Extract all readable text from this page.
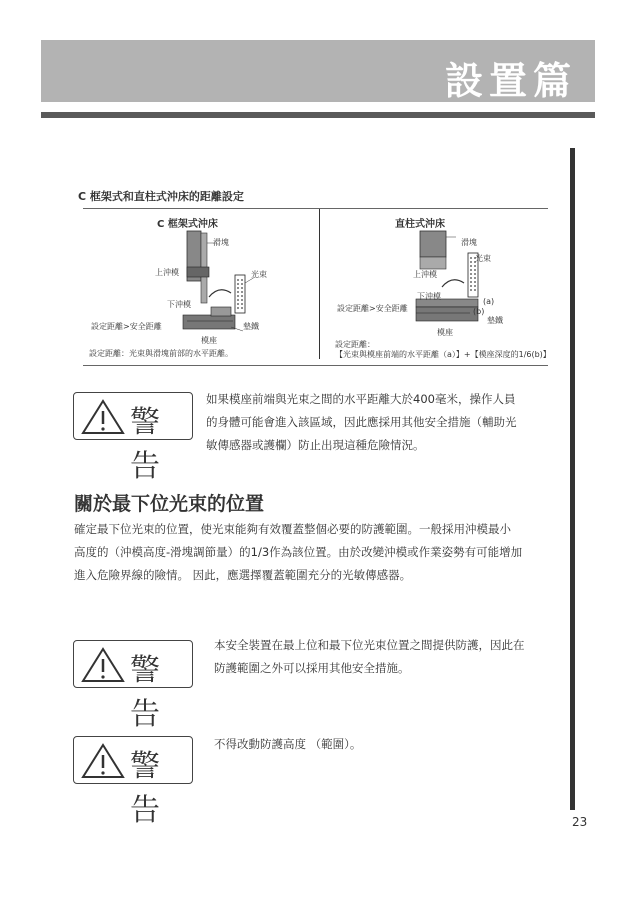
設置篇
C 框架式和直柱式沖床的距離設定
C 框架式沖床
滑塊
上沖模	光束
下沖模
設定距離>安全距離	墊鐵
模座
設定距離：光束與滑塊前部的水平距離。
直柱式沖床
滑塊
光束
上沖模
下沖模
設定距離>安全距離
(a)
(b)
墊鐵
模座
設定距離：
【光束與模座前端的水平距離（a）】+【模座深度的1/6(b)】
警告
如果模座前端與光束之間的水平距離大於400毫米，操作人員
的身體可能會進入該區域，因此應採用其他安全措施（輔助光
敏傳感器或護欄）防止出現這種危險情況。
關於最下位光束的位置
確定最下位光束的位置，使光束能夠有效覆蓋整個必要的防護範圍。一般採用沖模最小
高度的（沖模高度-滑塊調節量）的1/3作為該位置。由於改變沖模或作業姿勢有可能增加
進入危險界線的險情。 因此，應選擇覆蓋範圍充分的光敏傳感器。
警告
本安全裝置在最上位和最下位光束位置之間提供防護，因此在
防護範圍之外可以採用其他安全措施。
警告
不得改動防護高度 （範圍）。
23
